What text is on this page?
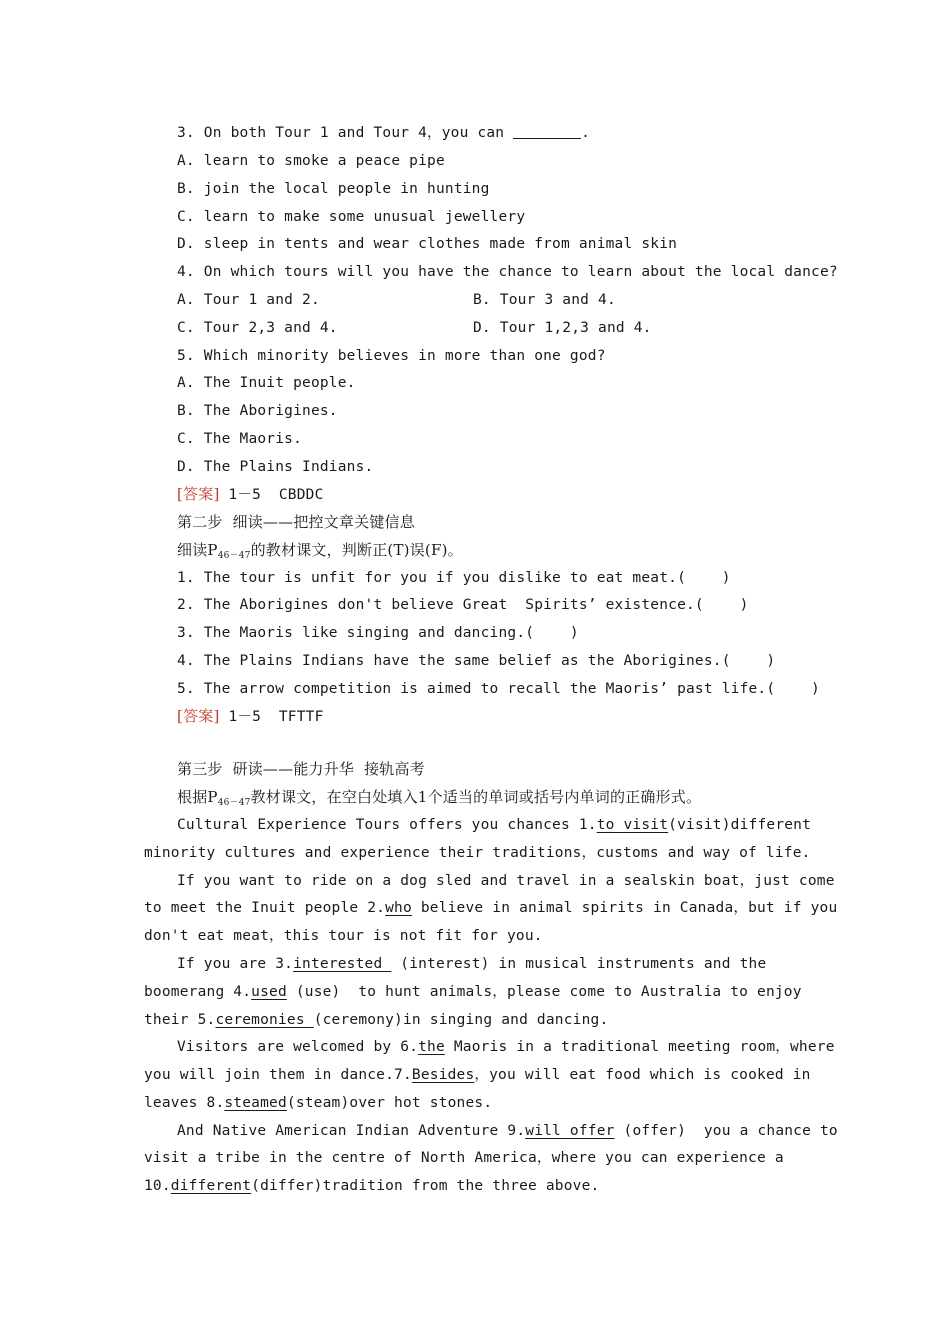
3. On both Tour 1 and Tour 4，you can	.
A. learn to smoke a peace pipe
B. join the local people in hunting
C. learn to make some unusual jewellery
D. sleep in tents and wear clothes made from animal skin
4. On which tours will you have the chance to learn about the local dance?
A. Tour 1 and 2.	B. Tour 3 and 4.
C. Tour 2,3 and 4.	D. Tour 1,2,3 and 4.
5. Which minority believes in more than one god?
A. The Inuit people.
B. The Aborigines.
C. The Maoris.
D. The Plains Indians.
[答案] 1－5  CBDDC
第二步  细读——把控文章关键信息
细读$P_{46-47}$的教材课文，判断正(T)误(F)。
1. The tour is unfit for you if you dislike to eat meat.(    )
2. The Aborigines don't believe Great  Spirits’ existence.(    )
3. The Maoris like singing and dancing.(    )
4. The Plains Indians have the same belief as the Aborigines.(    )
5. The arrow competition is aimed to recall the Maoris’ past life.(    )
[答案] 1－5  TFTTF
第三步  研读——能力升华  接轨高考
根据$P_{46-47}$教材课文，在空白处填入1个适当的单词或括号内单词的正确形式。
Cultural Experience Tours offers you chances 1.to visit(visit)different
minority cultures and experience their traditions，customs and way of life.
If you want to ride on a dog sled and travel in a sealskin boat，just come
to meet the Inuit people 2.who believe in animal spirits in Canada，but if you
don't eat meat，this tour is not fit for you.
If you are 3.interested  (interest) in musical instruments and the
boomerang 4.used (use)  to hunt animals，please come to Australia to enjoy
their 5.ceremonies (ceremony)in singing and dancing.
Visitors are welcomed by 6.the Maoris in a traditional meeting room，where
you will join them in dance.7.Besides，you will eat food which is cooked in
leaves 8.steamed(steam)over hot stones.
And Native American Indian Adventure 9.will offer (offer)  you a chance to
visit a tribe in the centre of North America，where you can experience a
10.different(differ)tradition from the three above.
